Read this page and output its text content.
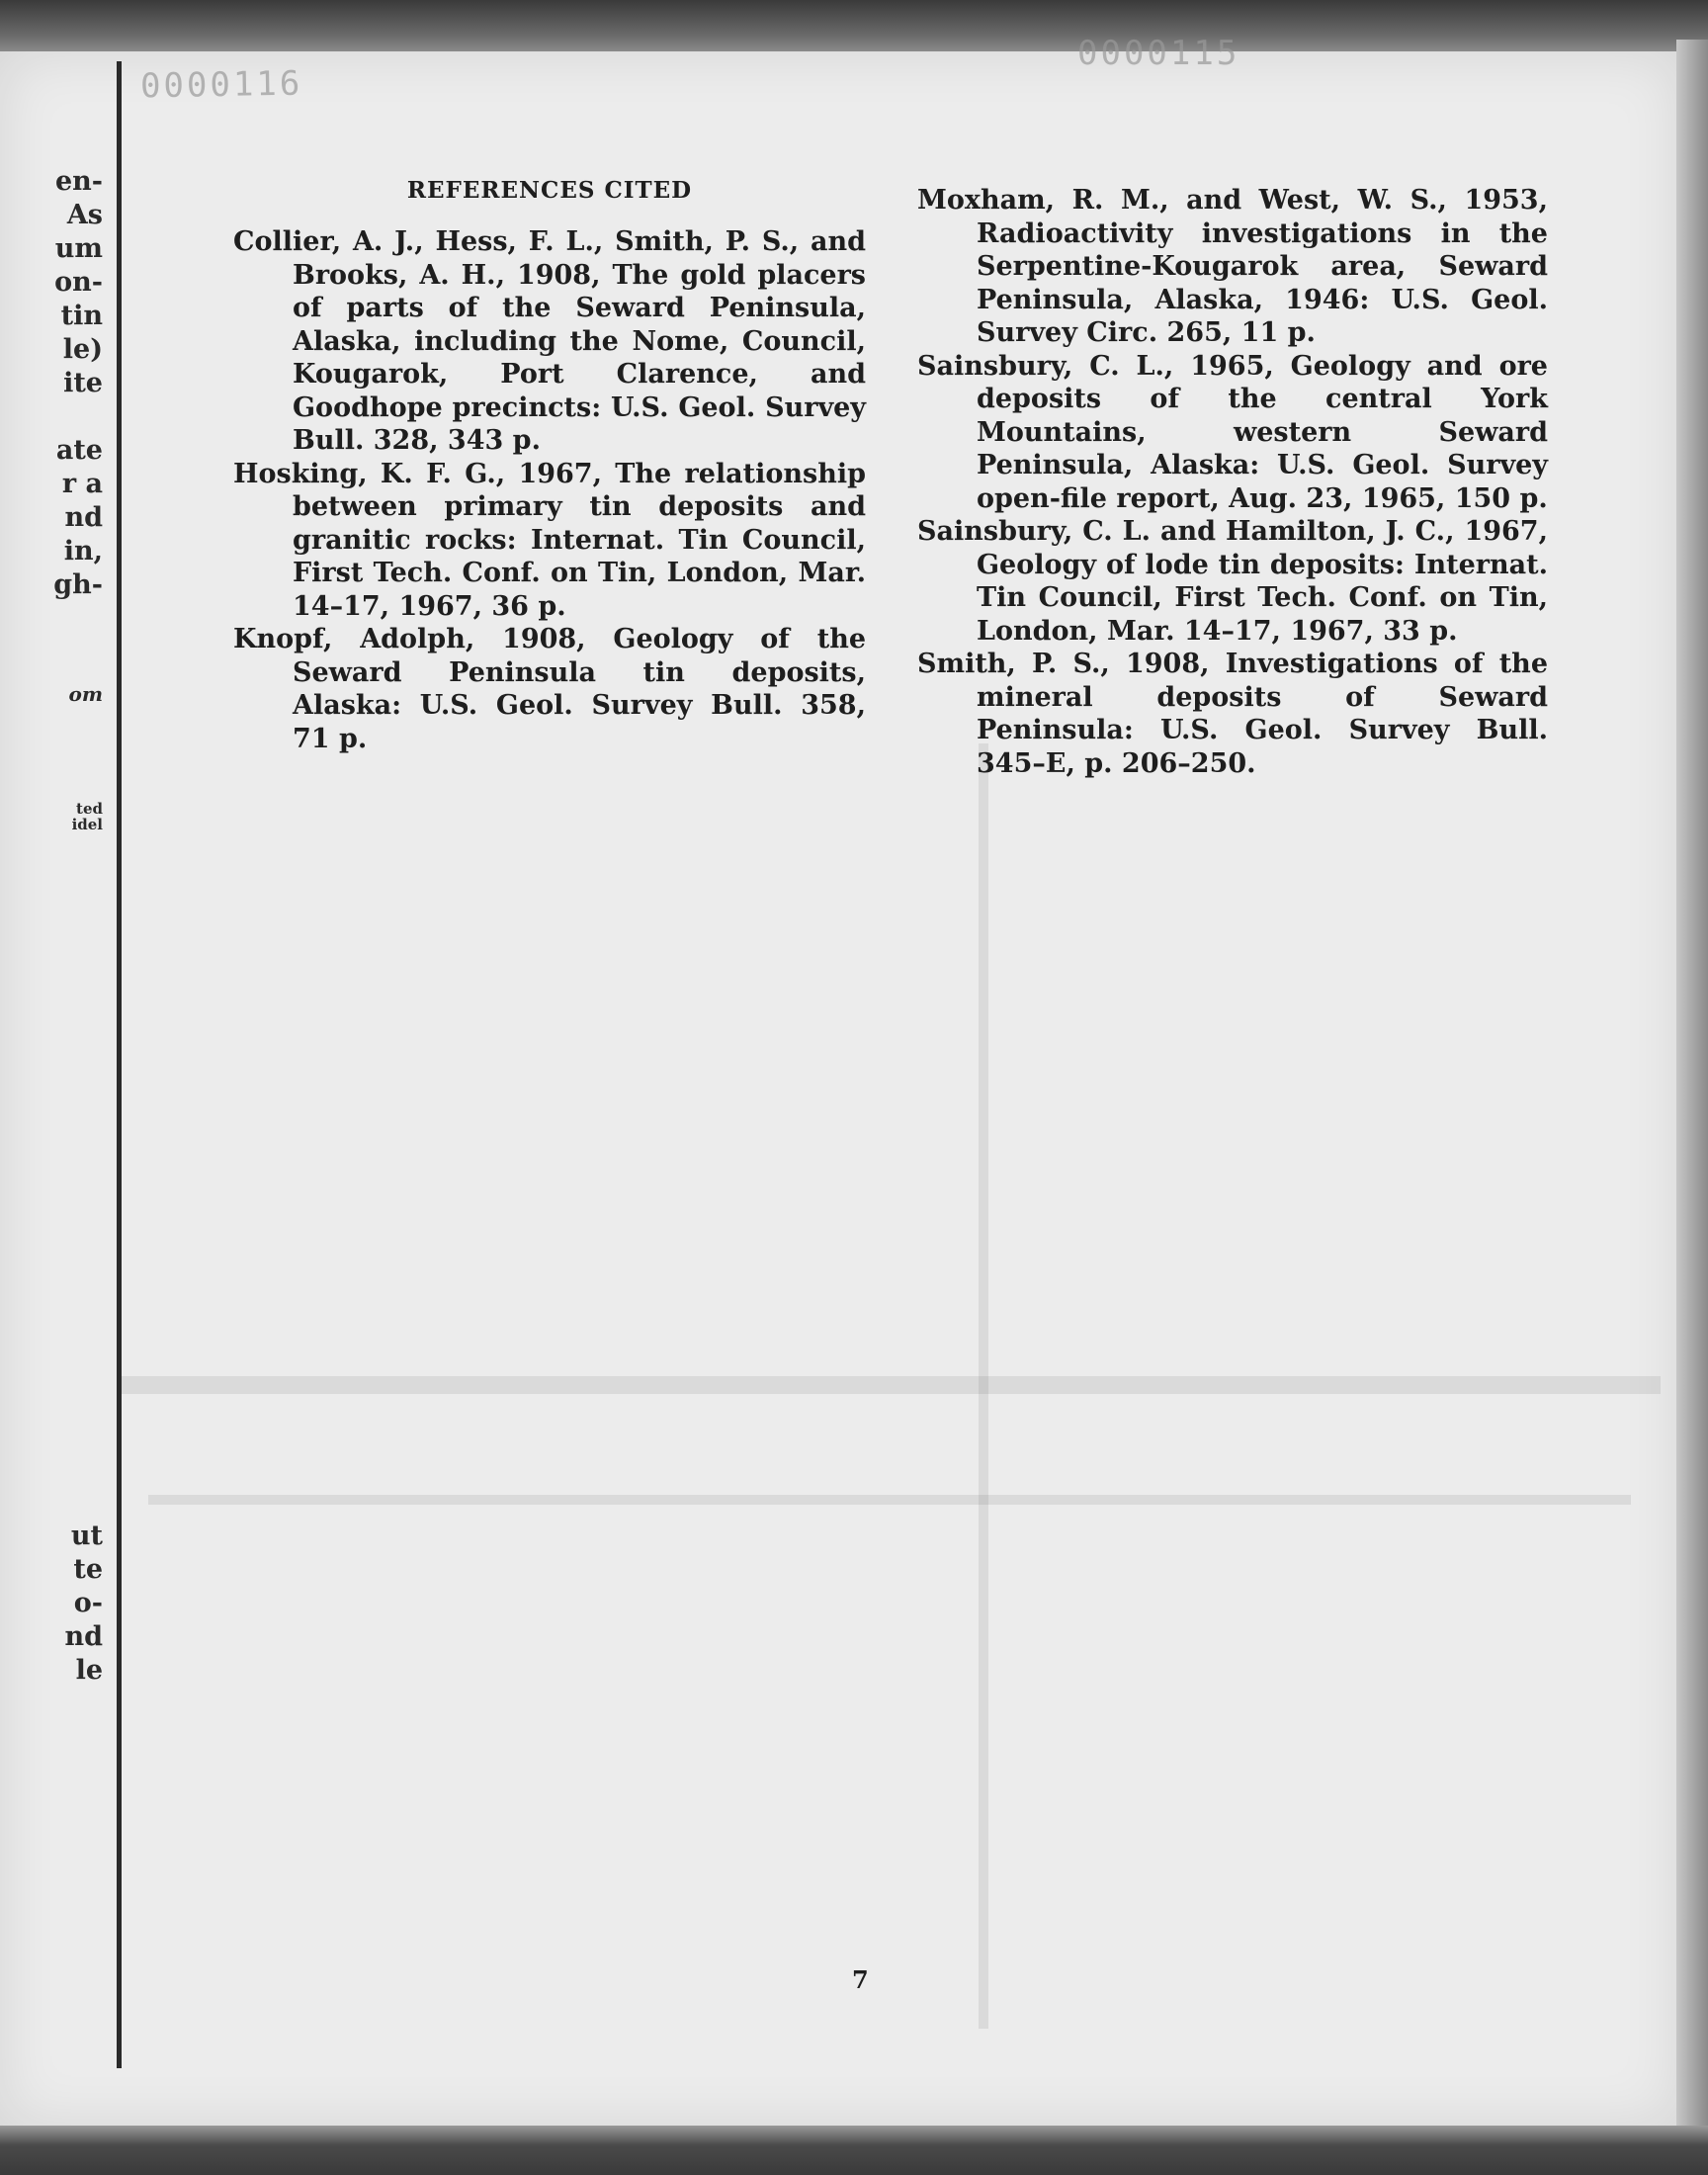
0000116
0000115
en-
As
um
on-
tin
le)
ite
ate
r a
nd
in,
gh-
om
ted
idel
ut
te
o-
nd
le
REFERENCES CITED
Collier, A. J., Hess, F. L., Smith, P. S., and Brooks, A. H., 1908, The gold placers of parts of the Seward Peninsula, Alaska, including the Nome, Council, Kougarok, Port Clarence, and Goodhope precincts: U.S. Geol. Survey Bull. 328, 343 p.
Hosking, K. F. G., 1967, The relationship between primary tin deposits and granitic rocks: Internat. Tin Council, First Tech. Conf. on Tin, London, Mar. 14–17, 1967, 36 p.
Knopf, Adolph, 1908, Geology of the Seward Peninsula tin deposits, Alaska: U.S. Geol. Survey Bull. 358, 71 p.
Moxham, R. M., and West, W. S., 1953, Radioactivity investigations in the Serpentine-Kougarok area, Seward Peninsula, Alaska, 1946: U.S. Geol. Survey Circ. 265, 11 p.
Sainsbury, C. L., 1965, Geology and ore deposits of the central York Mountains, western Seward Peninsula, Alaska: U.S. Geol. Survey open-file report, Aug. 23, 1965, 150 p.
Sainsbury, C. L. and Hamilton, J. C., 1967, Geology of lode tin deposits: Internat. Tin Council, First Tech. Conf. on Tin, London, Mar. 14–17, 1967, 33 p.
Smith, P. S., 1908, Investigations of the mineral deposits of Seward Peninsula: U.S. Geol. Survey Bull. 345–E, p. 206–250.
7
